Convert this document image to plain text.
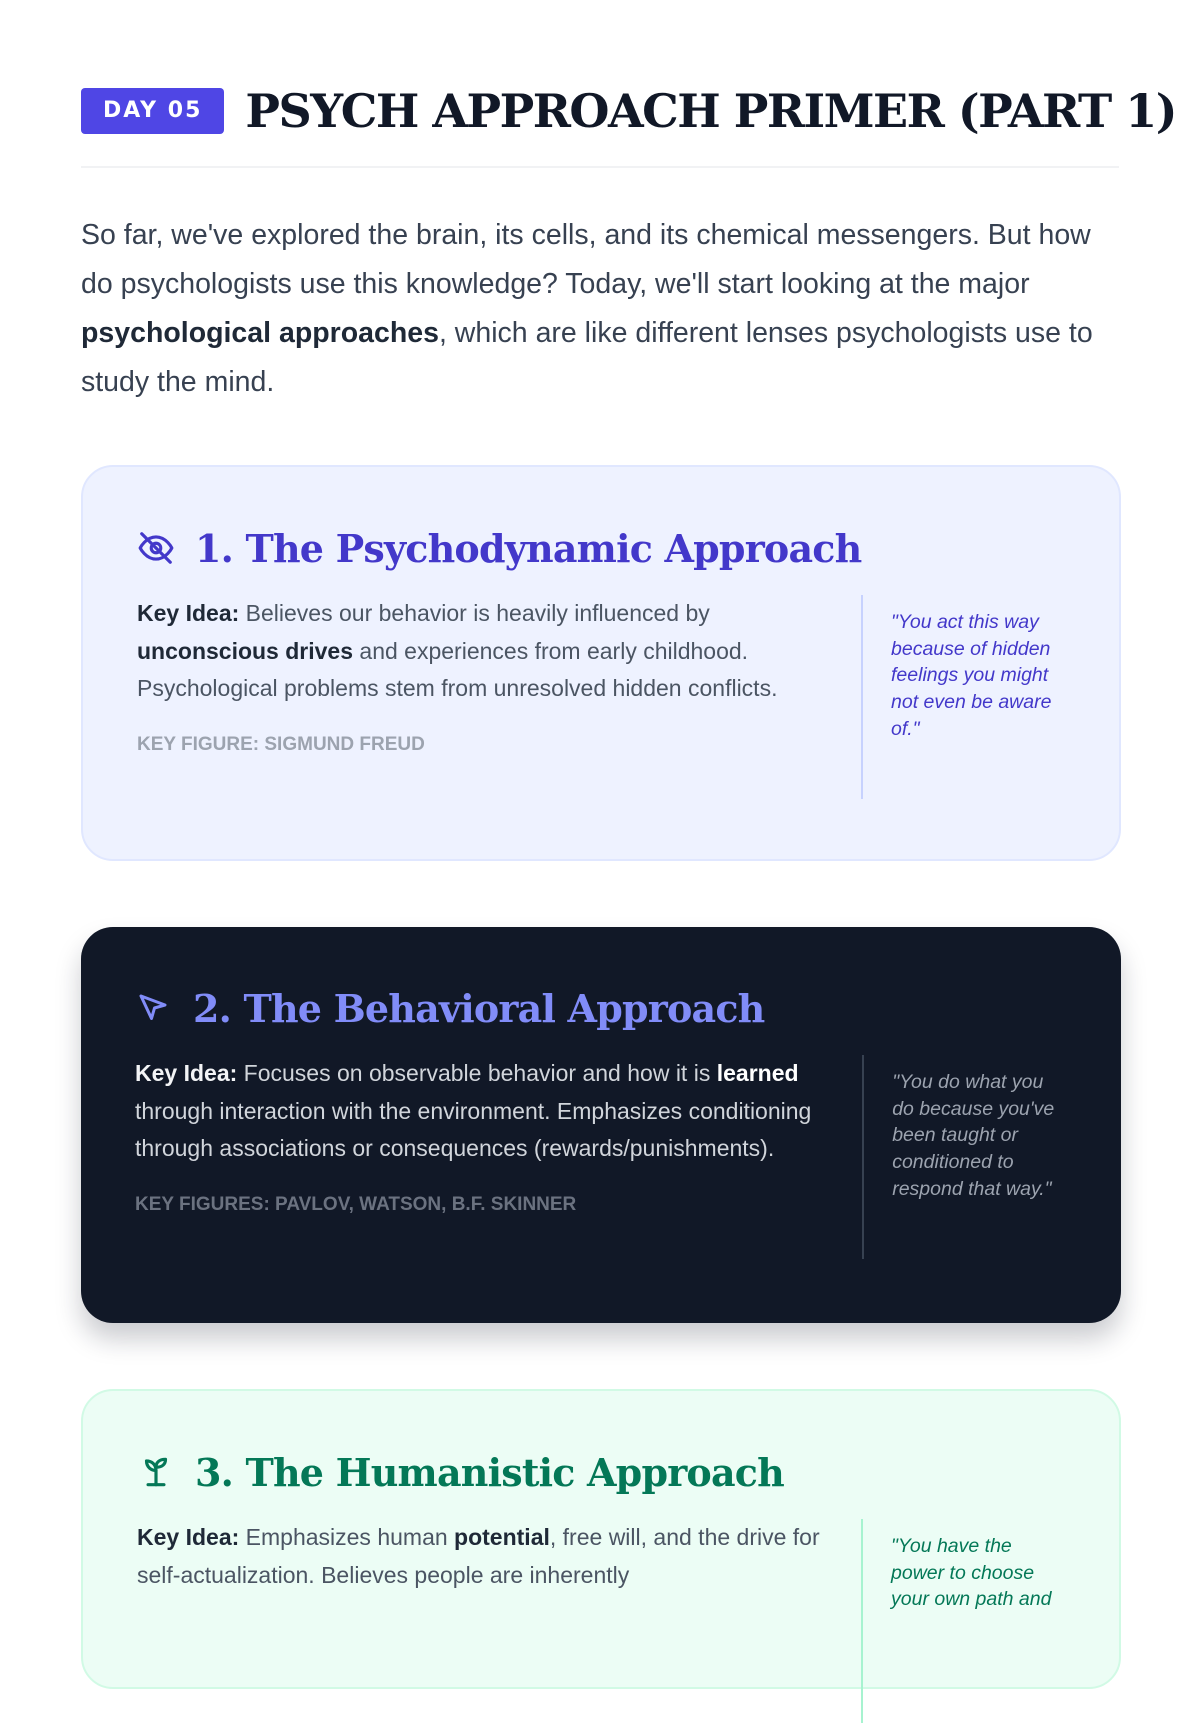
DAY 05 PSYCH APPROACH PRIMER (PART 1)

So far, we've explored the brain, its cells, and its chemical messengers. But how do psychologists use this knowledge? Today, we'll start looking at the major psychological approaches, which are like different lenses psychologists use to study the mind.

1. The Psychodynamic Approach

Key Idea: Believes our behavior is heavily influenced by unconscious drives and experiences from early childhood. Psychological problems stem from unresolved hidden conflicts.

KEY FIGURE: SIGMUND FREUD
"You act this way because of hidden feelings you might not even be aware of."
2. The Behavioral Approach

Key Idea: Focuses on observable behavior and how it is learned through interaction with the environment. Emphasizes conditioning through associations or consequences (rewards/punishments).

KEY FIGURES: PAVLOV, WATSON, B.F. SKINNER
"You do what you do because you've been taught or conditioned to respond that way."
3. The Humanistic Approach

Key Idea: Emphasizes human potential, free will, and the drive for self-actualization. Believes people are inherently

"You have the power to choose your own path and
